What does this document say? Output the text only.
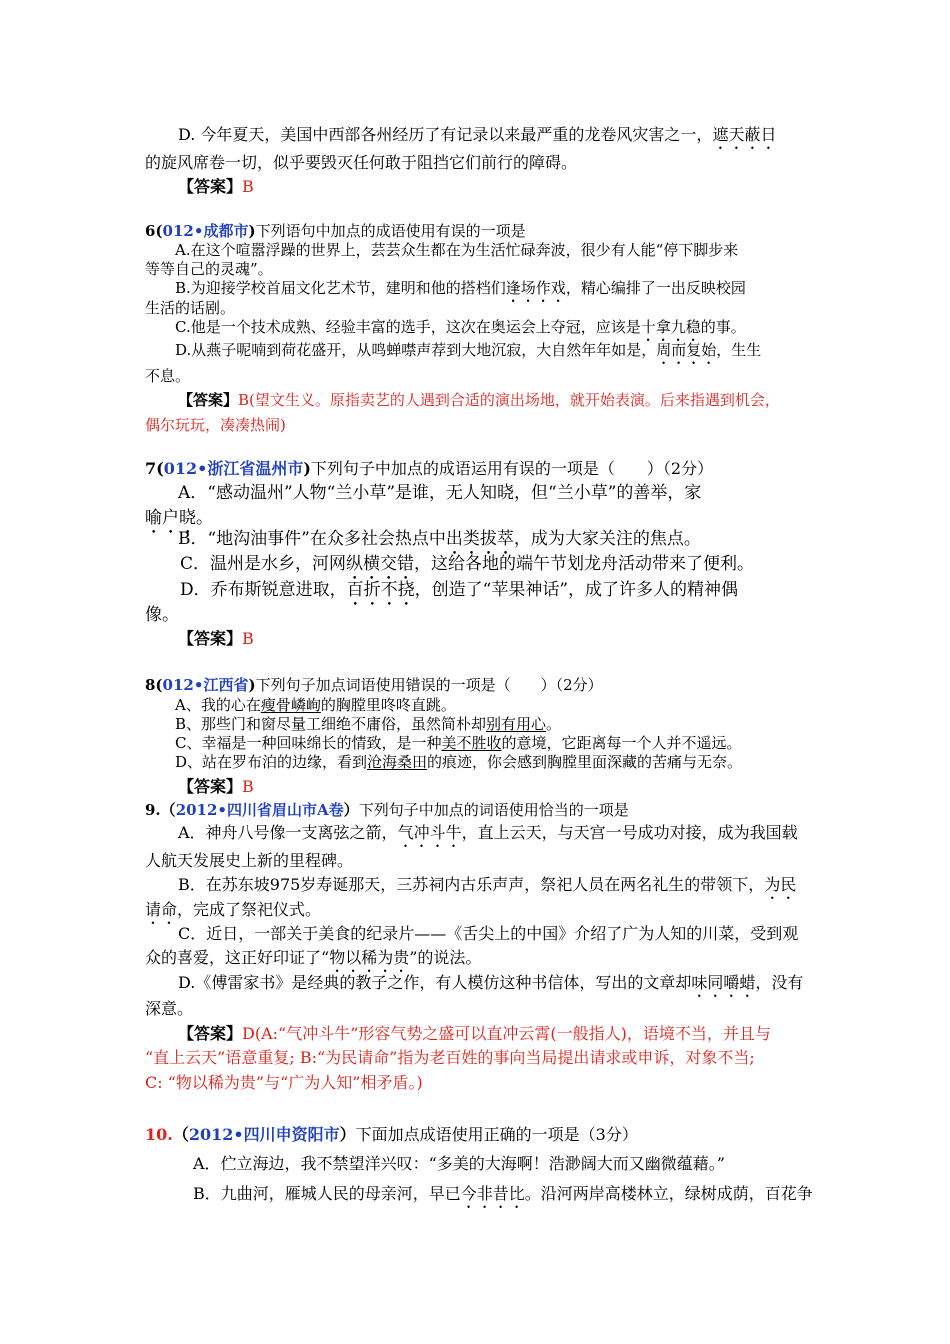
D. 今年夏天，美国中西部各州经历了有记录以来最严重的龙卷风灾害之一，遮天蔽日
的旋风席卷一切，似乎要毁灭任何敢于阻挡它们前行的障碍。
【答案】B
6(012•成都市)下列语句中加点的成语使用有误的一项是
A.在这个喧嚣浮躁的世界上，芸芸众生都在为生活忙碌奔波，很少有人能“停下脚步来
等等自己的灵魂”。
B.为迎接学校首届文化艺术节，建明和他的搭档们逢场作戏，精心编排了一出反映校园
生活的话剧。
C.他是一个技术成熟、经验丰富的选手，这次在奥运会上夺冠，应该是十拿九稳的事。
D.从燕子呢喃到荷花盛开，从鸣蝉噤声荐到大地沉寂，大自然年年如是，周而复始，生生
不息。
【答案】B(望文生义。原指卖艺的人遇到合适的演出场地，就开始表演。后来指遇到机会，
偶尔玩玩，凑凑热闹)
7(012•浙江省温州市)下列句子中加点的成语运用有误的一项是（　　）（2分）
A．“感动温州”人物“兰小草”是谁，无人知晓，但“兰小草”的善举，家
喻户晓。
B．“地沟油事件”在众多社会热点中出类拔萃，成为大家关注的焦点。
C．温州是水乡，河网纵横交错，这给各地的端午节划龙舟活动带来了便利。
D．乔布斯锐意进取，百折不挠，创造了“苹果神话”，成了许多人的精神偶
像。
【答案】B
8(012•江西省)下列句子加点词语使用错误的一项是（　　）（2分）
A、我的心在瘦骨嶙峋的胸膛里咚咚直跳。
B、那些门和窗尽量工细绝不庸俗，虽然简朴却别有用心。
C、幸福是一种回味绵长的情致，是一种美不胜收的意境，它距离每一个人并不遥远。
D、站在罗布泊的边缘，看到沧海桑田的痕迹，你会感到胸膛里面深藏的苦痛与无奈。
【答案】B
9.（2012•四川省眉山市A卷）下列句子中加点的词语使用恰当的一项是
A．神舟八号像一支离弦之箭，气冲斗牛，直上云天，与天宫一号成功对接，成为我国载
人航天发展史上新的里程碑。
B．在苏东坡975岁寿诞那天，三苏祠内古乐声声，祭祀人员在两名礼生的带领下，为民
请命，完成了祭祀仪式。
C．近日，一部关于美食的纪录片——《舌尖上的中国》介绍了广为人知的川菜，受到观
众的喜爱，这正好印证了“物以稀为贵”的说法。
D.《傅雷家书》是经典的教子之作，有人模仿这种书信体，写出的文章却味同嚼蜡，没有
深意。
【答案】D(A:“气冲斗牛”形容气势之盛可以直冲云霄(一般指人)，语境不当，并且与
“直上云天”语意重复; B:“为民请命”指为老百姓的事向当局提出请求或申诉，对象不当;
C: “物以稀为贵”与“广为人知”相矛盾。)
10.（2012•四川申资阳市）下面加点成语使用正确的一项是（3分）
A．伫立海边，我不禁望洋兴叹：“多美的大海啊！浩渺阔大而又幽微蕴藉。”
B．九曲河，雁城人民的母亲河，早已今非昔比。沿河两岸高楼林立，绿树成荫，百花争
